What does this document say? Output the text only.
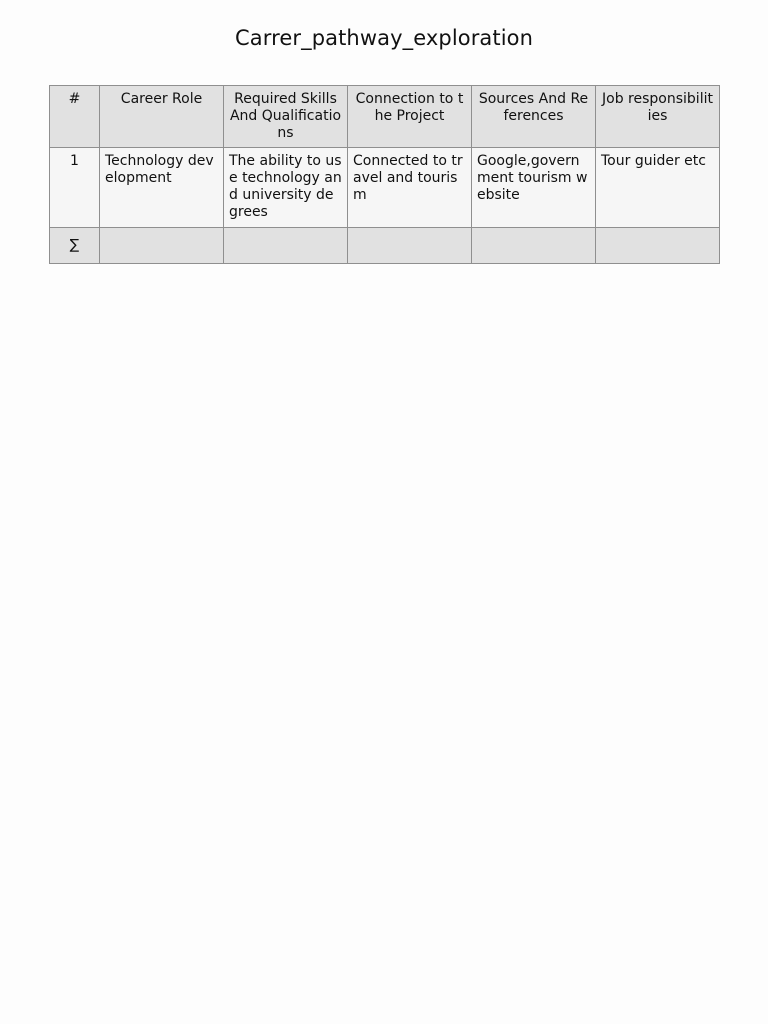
Carrer_pathway_exploration
#	Career Role	Required Skills And Qualifications	Connection to the Project	Sources And References	Job responsibilities
1	Technology development	The ability to use technology and university degrees	Connected to travel and tourism	Google,government tourism website	Tour guider etc
∑					
